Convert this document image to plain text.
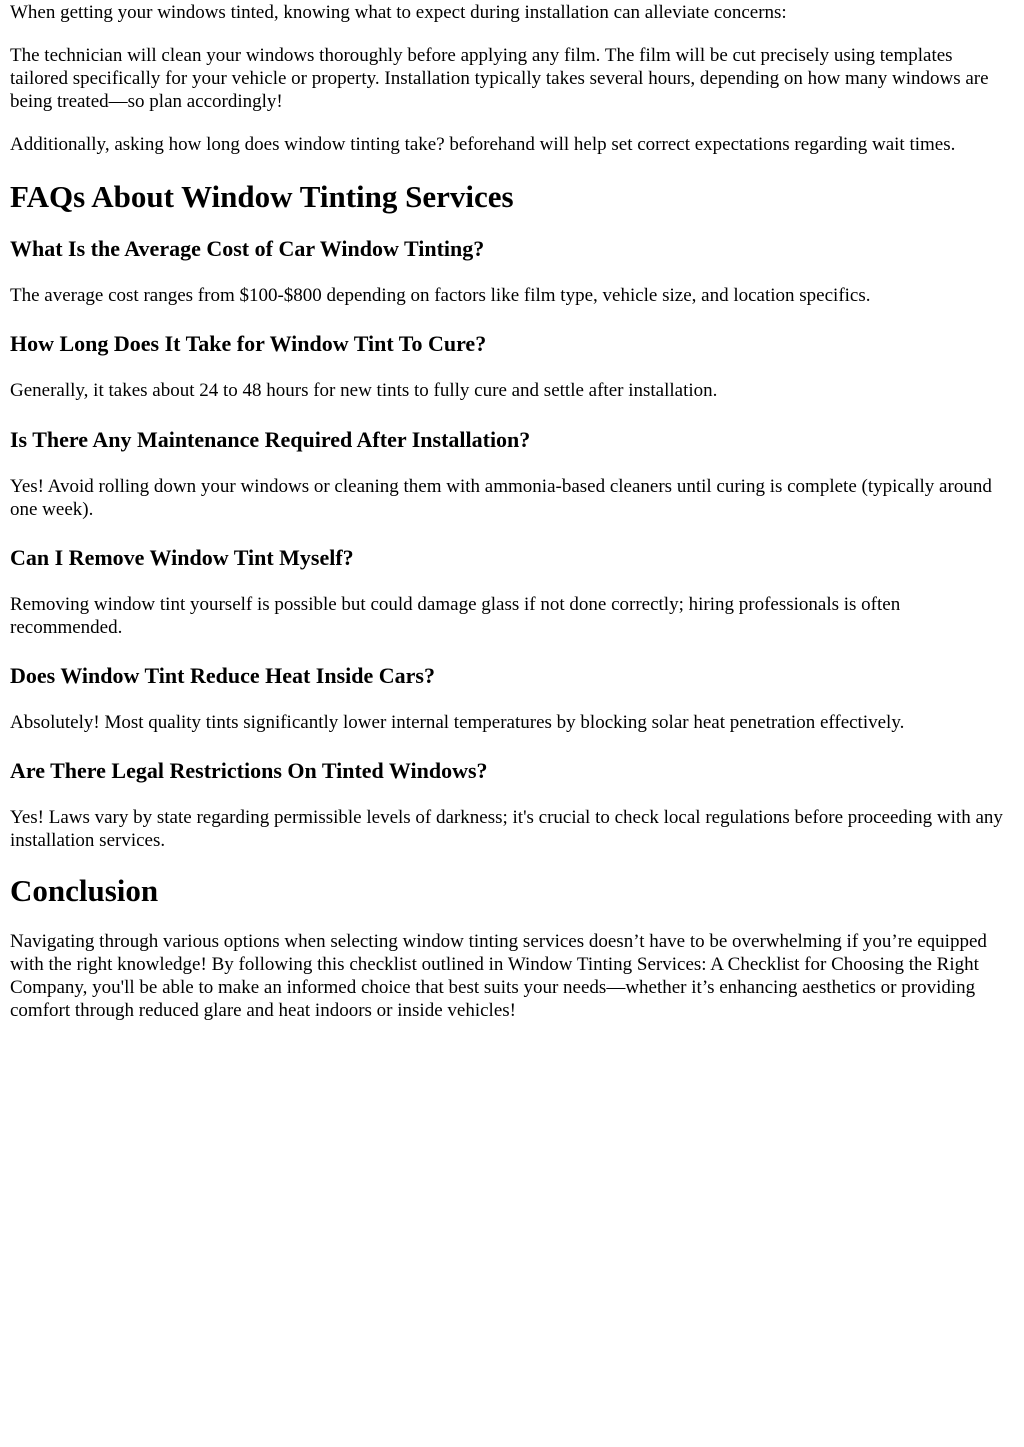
When getting your windows tinted, knowing what to expect during installation can alleviate concerns:

The technician will clean your windows thoroughly before applying any film. The film will be cut precisely using templates tailored specifically for your vehicle or property. Installation typically takes several hours, depending on how many windows are being treated—so plan accordingly!

Additionally, asking how long does window tinting take? beforehand will help set correct expectations regarding wait times.

FAQs About Window Tinting Services
What Is the Average Cost of Car Window Tinting?

The average cost ranges from $100-$800 depending on factors like film type, vehicle size, and location specifics.

How Long Does It Take for Window Tint To Cure?

Generally, it takes about 24 to 48 hours for new tints to fully cure and settle after installation.

Is There Any Maintenance Required After Installation?

Yes! Avoid rolling down your windows or cleaning them with ammonia-based cleaners until curing is complete (typically around one week).

Can I Remove Window Tint Myself?

Removing window tint yourself is possible but could damage glass if not done correctly; hiring professionals is often recommended.

Does Window Tint Reduce Heat Inside Cars?

Absolutely! Most quality tints significantly lower internal temperatures by blocking solar heat penetration effectively.

Are There Legal Restrictions On Tinted Windows?

Yes! Laws vary by state regarding permissible levels of darkness; it's crucial to check local regulations before proceeding with any installation services.

Conclusion

Navigating through various options when selecting window tinting services doesn’t have to be overwhelming if you’re equipped with the right knowledge! By following this checklist outlined in Window Tinting Services: A Checklist for Choosing the Right Company, you'll be able to make an informed choice that best suits your needs—whether it’s enhancing aesthetics or providing comfort through reduced glare and heat indoors or inside vehicles!
